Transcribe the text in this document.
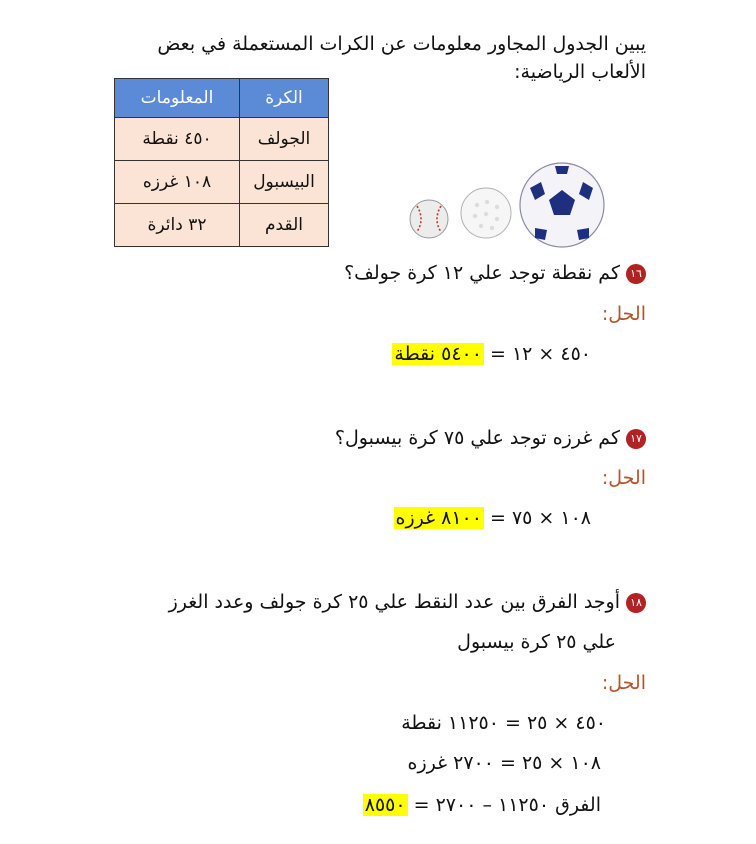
يبين الجدول المجاور معلومات عن الكرات المستعملة في بعض الألعاب الرياضية:
الكرة	المعلومات
الجولف	٤٥٠ نقطة
البيسبول	١٠٨ غرزه
القدم	٣٢ دائرة
١٦كم نقطة توجد علي ١٢ كرة جولف؟
الحل:
٤٥٠ × ١٢ = ٥٤٠٠ نقطة
١٧كم غرزه توجد علي ٧٥ كرة بيسبول؟
الحل:
١٠٨ × ٧٥ = ٨١٠٠ غرزه
١٨أوجد الفرق بين عدد النقط علي ٢٥ كرة جولف وعدد الغرز
علي ٢٥ كرة بيسبول
الحل:
٤٥٠ × ٢٥ = ١١٢٥٠ نقطة
١٠٨ × ٢٥ = ٢٧٠٠ غرزه
الفرق ١١٢٥٠ – ٢٧٠٠ = ٨٥٥٠
